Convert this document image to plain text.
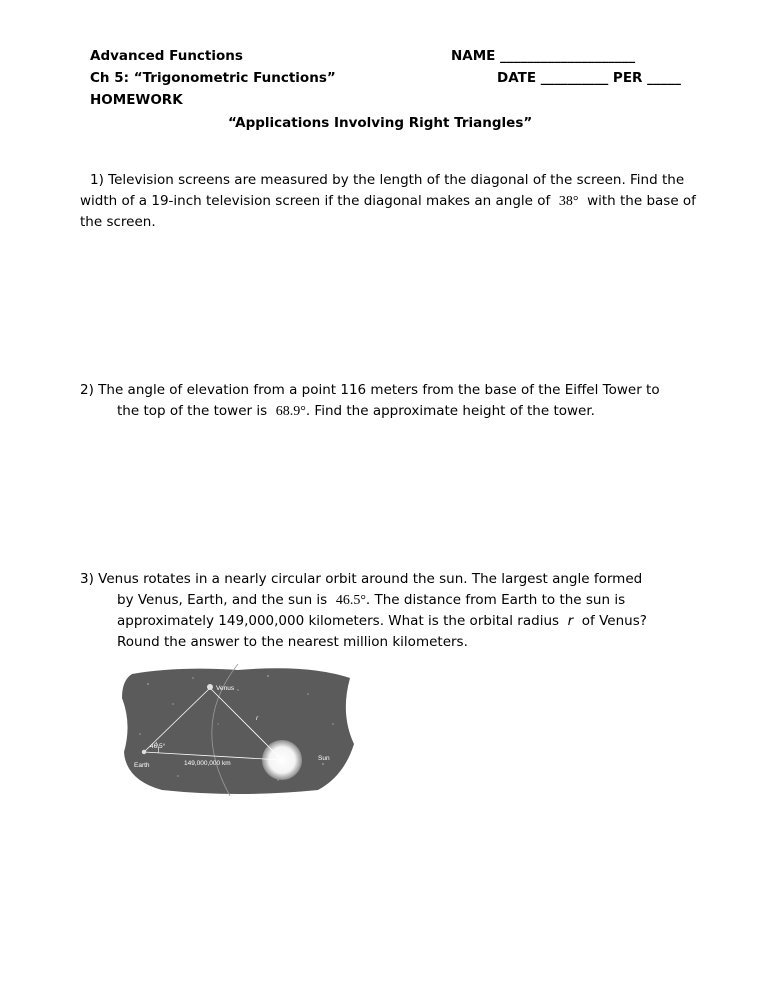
Advanced Functions
Ch 5: “Trigonometric Functions”
HOMEWORK
NAME ____________________
DATE __________ PER _____
“Applications Involving Right Triangles”
1) Television screens are measured by the length of the diagonal of the screen. Find the
width of a 19-inch television screen if the diagonal makes an angle of 38° with the base of
the screen.
2) The angle of elevation from a point 116 meters from the base of the Eiffel Tower to
the top of the tower is 68.9°. Find the approximate height of the tower.
3) Venus rotates in a nearly circular orbit around the sun. The largest angle formed
by Venus, Earth, and the sun is 46.5°. The distance from Earth to the sun is
approximately 149,000,000 kilometers. What is the orbital radius r of Venus?
Round the answer to the nearest million kilometers.
Venus
Earth
Sun
r
46.5°
149,000,000 km
